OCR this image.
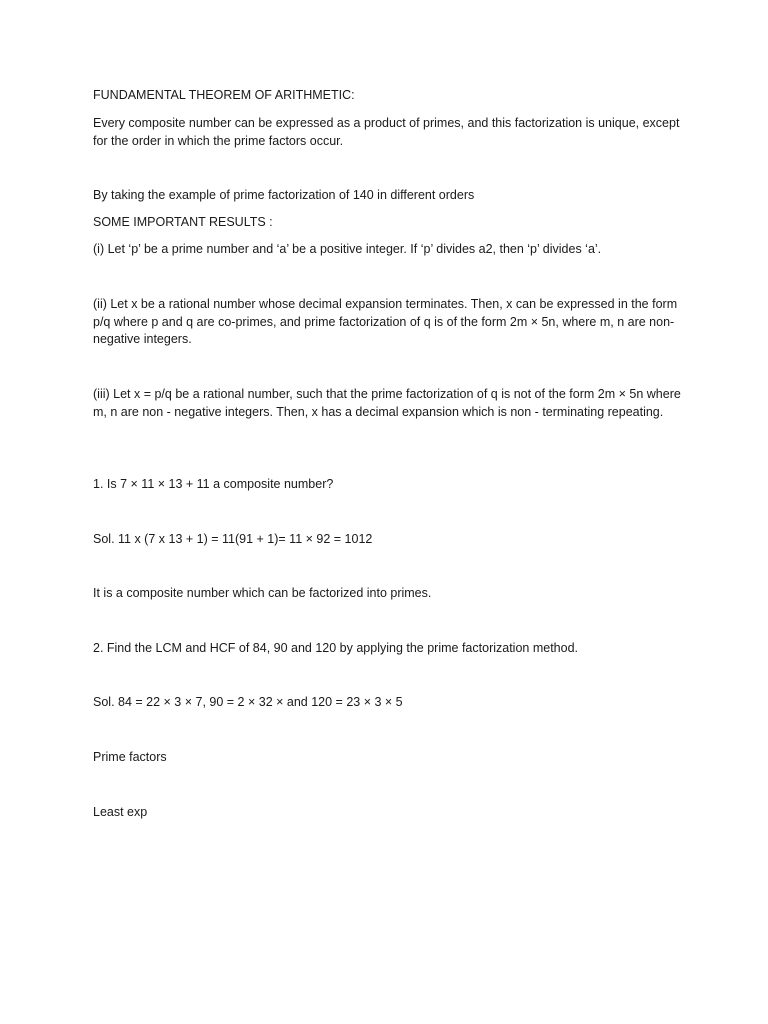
FUNDAMENTAL THEOREM OF ARITHMETIC:

Every composite number can be expressed as a product of primes, and this factorization is unique, except for the order in which the prime factors occur.

By taking the example of prime factorization of 140 in different orders

SOME IMPORTANT RESULTS :

(i) Let ‘p’ be a prime number and ‘a’ be a positive integer. If ‘p’ divides a2, then ‘p’ divides ‘a’.

(ii) Let x be a rational number whose decimal expansion terminates. Then, x can be expressed in the form p/q where p and q are co-primes, and prime factorization of q is of the form 2m × 5n, where m, n are non-negative integers.

(iii) Let x = p/q be a rational number, such that the prime factorization of q is not of the form 2m × 5n where m, n are non - negative integers. Then, x has a decimal expansion which is non - terminating repeating.

1. Is 7 × 11 × 13 + 11 a composite number?

Sol. 11 x (7 x 13 + 1) = 11(91 + 1)= 11 × 92 = 1012

It is a composite number which can be factorized into primes.

2. Find the LCM and HCF of 84, 90 and 120 by applying the prime factorization method.

Sol. 84 = 22 × 3 × 7, 90 = 2 × 32 × and 120 = 23 × 3 × 5

Prime factors

Least exp
